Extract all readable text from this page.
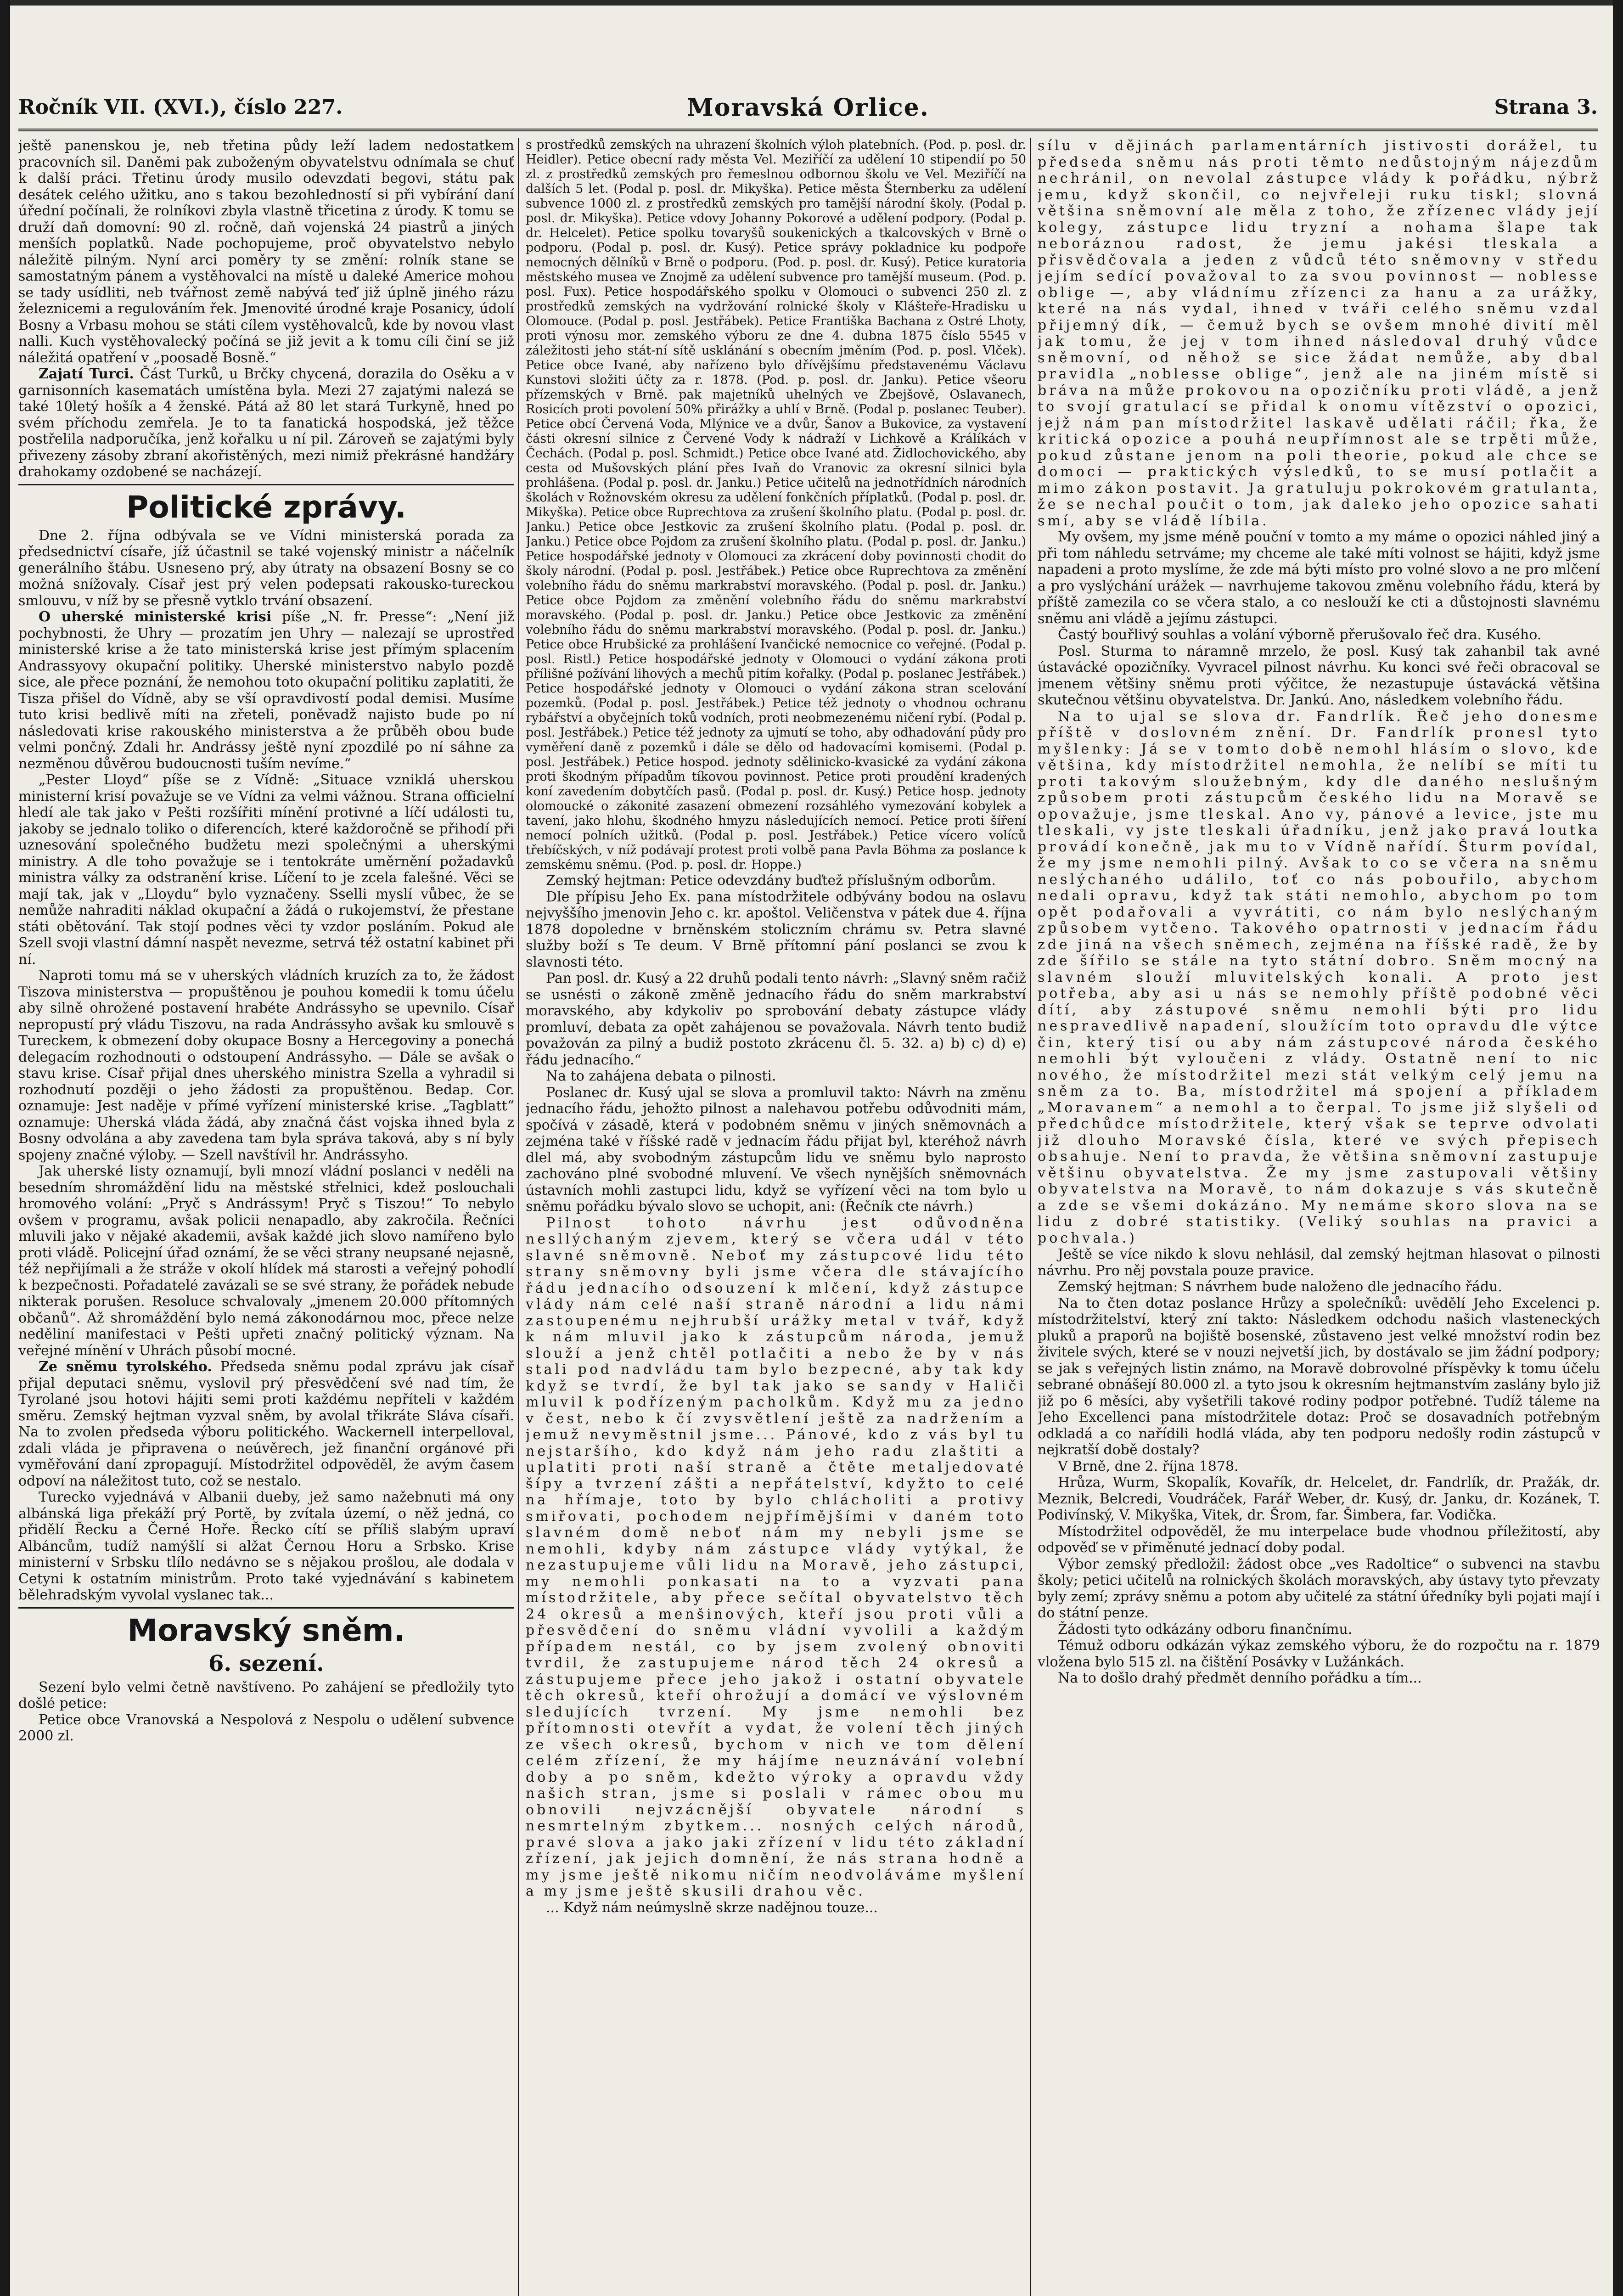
Ročník VII. (XVI.), číslo 227.	Moravská Orlice.	Strana 3.

ještě panenskou je, neb třetina půdy leží ladem nedostatkem pracovních sil. Daněmi pak zuboženým obyvatelstvu odnímala se chuť k další práci. Třetinu úrody musilo odevzdati begovi, státu pak desátek celého užitku, ano s takou bezohledností si při vybírání daní úřední počínali, že rolníkovi zbyla vlastně třicetina z úrody. K tomu se druží daň domovní: 90 zl. ročně, daň vojenská 24 piastrů a jiných menších poplatků. Nade pochopujeme, proč obyvatelstvo nebylo náležitě pilným. Nyní arci poměry ty se změní: rolník stane se samostatným pánem a vystěhovalci na místě u daleké Americe mohou se tady usídliti, neb tvářnost země nabývá teď již úplně jiného rázu železnicemi a regulováním řek. Jmenovité úrodné kraje Posanicy, údolí Bosny a Vrbasu mohou se státi cílem vystěhovalců, kde by novou vlast nalli. Kuch vystěhovalecký počíná se již jevit a k tomu cíli činí se již náležitá opatření v „poosadě Bosně.“

Zajatí Turci. Část Turků, u Brčky chycená, dorazila do Osěku a v garnisonních kasematách umístěna byla. Mezi 27 zajatými nalezá se také 10letý hošík a 4 ženské. Pátá až 80 let stará Turkyně, hned po svém příchodu zemřela. Je to ta fanatická hospodská, jež těžce postřelila nadporučíka, jenž kořalku u ní pil. Zároveň se zajatými byly přivezeny zásoby zbraní akořistěných, mezi nimiž překrásné handžáry drahokamy ozdobené se nacházejí.

Politické zprávy.

Dne 2. října odbývala se ve Vídni ministerská porada za předsednictví císaře, jíž účastnil se také vojenský ministr a náčelník generálního štábu. Usneseno prý, aby útraty na obsazení Bosny se co možná snížovaly. Císař jest prý velen podepsati rakousko-tureckou smlouvu, v níž by se přesně vytklo trvání obsazení.

O uherské ministerské krisi píše „N. fr. Presse“: „Není již pochybnosti, že Uhry — prozatím jen Uhry — nalezají se uprostřed ministerské krise a že tato ministerská krise jest přímým splacením Andrassyovy okupační politiky. Uherské ministerstvo nabylo pozdě sice, ale přece poznání, že nemohou toto okupační politiku zaplatiti, že Tisza přišel do Vídně, aby se vší opravdivostí podal demisi. Musíme tuto krisi bedlivě míti na zřeteli, poněvadž najisto bude po ní následovati krise rakouského ministerstva a že průběh obou bude velmi pončný. Zdali hr. Andrássy ještě nyní zpozdilé po ní sáhne za nezměnou důvěrou budoucnosti tuším nevíme.“

„Pester Lloyd“ píše se z Vídně: „Situace vzniklá uherskou ministerní krisí považuje se ve Vídni za velmi vážnou. Strana officielní hledí ale tak jako v Pešti rozšířiti mínění protivné a líčí události tu, jakoby se jednalo toliko o diferencích, které každoročně se přihodí při uznesování společného budžetu mezi společnými a uherskými ministry. A dle toho považuje se i tentokráte uměrnění požadavků ministra války za odstranění krise. Líčení to je zcela falešné. Věci se mají tak, jak v „Lloydu“ bylo vyznačeny. Sselli myslí vůbec, že se nemůže nahraditi náklad okupační a žádá o rukojemství, že přestane státi obětování. Tak stojí podnes věci ty vzdor posláním. Pokud ale Szell svoji vlastní dámní naspět nevezme, setrvá též ostatní kabinet při ní.

Naproti tomu má se v uherských vládních kruzích za to, že žádost Tiszova ministerstva — propuštěnou je pouhou komedii k tomu účelu aby silně ohrožené postavení hrabéte Andrássyho se upevnilo. Císař nepropustí prý vládu Tiszovu, na rada Andrássyho avšak ku smlouvě s Tureckem, k obmezení doby okupace Bosny a Hercegoviny a ponechá delegacím rozhodnouti o odstoupení Andrássyho. — Dále se avšak o stavu krise. Císař přijal dnes uherského ministra Szella a vyhradil si rozhodnutí později o jeho žádosti za propuštěnou. Bedap. Cor. oznamuje: Jest naděje v přímé vyřízení ministerské krise. „Tagblatt“ oznamuje: Uherská vláda žádá, aby značná část vojska ihned byla z Bosny odvolána a aby zavedena tam byla správa taková, aby s ní byly spojeny značné výloby. — Szell navštívil hr. Andrássyho.

Jak uherské listy oznamují, byli mnozí vládní poslanci v neděli na besedním shromáždění lidu na městské střelnici, kdež poslouchali hromového volání: „Pryč s Andrássym! Pryč s Tiszou!“ To nebylo ovšem v programu, avšak policii nenapadlo, aby zakročila. Řečníci mluvili jako v nějaké akademii, avšak každé jich slovo namířeno bylo proti vládě. Policejní úřad oznámí, že se věci strany neupsané nejasně, též nepřijímali a že stráže v okolí hlídek má starosti a veřejný pohodlí k bezpečnosti. Pořadatelé zavázali se se své strany, že pořádek nebude nikterak porušen. Resoluce schvalovaly „jmenem 20.000 přítomných občanů“. Až shromáždění bylo nemá zákonodárnou moc, přece nelze neděliní manifestaci v Pešti upřeti značný politický význam. Na veřejné mínění v Uhrách působí mocné.

Ze sněmu tyrolského. Předseda sněmu podal zprávu jak císař přijal deputaci sněmu, vyslovil prý přesvědčení své nad tím, že Tyrolané jsou hotovi hájiti semi proti každému nepříteli v každém směru. Zemský hejtman vyzval sněm, by avolal třikráte Sláva císaři. Na to zvolen předseda výboru politického. Wackernell interpelloval, zdali vláda je připravena o neúvěrech, jež finanční orgánové při vyměřování daní zpropagují. Místodržitel odpověděl, že avým časem odpoví na náležitost tuto, což se nestalo.

Turecko vyjednává v Albanii dueby, jež samo nažebnuti má ony albánská liga překáží prý Portě, by zvítala území, o něž jedná, co přidělí Řecku a Černé Hoře. Řecko cítí se příliš slabým upraví Albáncům, tudíž namýšlí si alžat Černou Horu a Srbsko. Krise ministerní v Srbsku tlílo nedávno se s nějakou prošlou, ale dodala v Cetyni k ostatním ministrům. Proto také vyjednávání s kabinetem bělehradským vyvolal vyslanec tak...

Moravský sněm.
6. sezení.

Sezení bylo velmi četně navštíveno. Po zahájení se předložily tyto došlé petice:

Petice obce Vranovská a Nespolová z Nespolu o udělení subvence 2000 zl.

s prostředků zemských na uhrazení školních výloh platebních. (Pod. p. posl. dr. Heidler). Petice obecní rady města Vel. Meziříčí za udělení 10 stipendií po 50 zl. z prostředků zemských pro řemeslnou odbornou školu ve Vel. Meziříčí na dalších 5 let. (Podal p. posl. dr. Mikyška). Petice města Šternberku za udělení subvence 1000 zl. z prostředků zemských pro tamější národní školy. (Podal p. posl. dr. Mikyška). Petice vdovy Johanny Pokorové a udělení podpory. (Podal p. dr. Helcelet). Petice spolku tovaryšů soukenických a tkalcovských v Brně o podporu. (Podal p. posl. dr. Kusý). Petice správy pokladnice ku podpoře nemocných dělníků v Brně o podporu. (Pod. p. posl. dr. Kusý). Petice kuratoria městského musea ve Znojmě za udělení subvence pro tamější museum. (Pod. p. posl. Fux). Petice hospodářského spolku v Olomouci o subvenci 250 zl. z prostředků zemských na vydržování rolnické školy v Klášteře-Hradisku u Olomouce. (Podal p. posl. Jestřábek). Petice Františka Bachana z Ostré Lhoty, proti výnosu mor. zemského výboru ze dne 4. dubna 1875 číslo 5545 v záležitosti jeho stát-ní sítě usklánání s obecním jměním (Pod. p. posl. Vlček). Petice obce Ivané, aby nařízeno bylo dřívějšímu představenému Václavu Kunstovi složiti účty za r. 1878. (Pod. p. posl. dr. Janku). Petice všeoru přízemských v Brně. pak majetníků uhelných ve Zbejšově, Oslavanech, Rosicích proti povolení 50% přirážky a uhlí v Brně. (Podal p. poslanec Teuber). Petice obcí Červená Voda, Mlýnice ve a dvůr, Šanov a Bukovice, za vystavení části okresní silnice z Červené Vody k nádraží v Lichkově a Králíkách v Čechách. (Podal p. posl. Schmidt.) Petice obce Ivané atd. Židlochovického, aby cesta od Mušovských plání přes Ivaň do Vranovic za okresní silnici byla prohlášena. (Podal p. posl. dr. Janku.) Petice učitelů na jednotřídních národních školách v Rožnovském okresu za udělení fonkčních příplatků. (Podal p. posl. dr. Mikyška). Petice obce Ruprechtova za zrušení školního platu. (Podal p. posl. dr. Janku.) Petice obce Jestkovic za zrušení školního platu. (Podal p. posl. dr. Janku.) Petice obce Pojdom za zrušení školního platu. (Podal p. posl. dr. Janku.) Petice hospodářské jednoty v Olomouci za zkrácení doby povinnosti chodit do školy národní. (Podal p. posl. Jestřábek.) Petice obce Ruprechtova za změnění volebního řádu do sněmu markrabství moravského. (Podal p. posl. dr. Janku.) Petice obce Pojdom za změnění volebního řádu do sněmu markrabství moravského. (Podal p. posl. dr. Janku.) Petice obce Jestkovic za změnění volebního řádu do sněmu markrabství moravského. (Podal p. posl. dr. Janku.) Petice obce Hrubšické za prohlášení Ivančické nemocnice co veřejné. (Podal p. posl. Ristl.) Petice hospodářské jednoty v Olomouci o vydání zákona proti přílišné požívání lihových a mechů pitím kořalky. (Podal p. poslanec Jestřábek.) Petice hospodářské jednoty v Olomouci o vydání zákona stran scelování pozemků. (Podal p. posl. Jestřábek.) Petice též jednoty o vhodnou ochranu rybářství a obyčejních toků vodních, proti neobmezenému ničení rybí. (Podal p. posl. Jestřábek.) Petice též jednoty za ujmutí se toho, aby odhadování půdy pro vyměření daně z pozemků i dále se dělo od hadovacími komisemi. (Podal p. posl. Jestřábek.) Petice hospod. jednoty sdělinicko-kvasické za vydání zákona proti škodným případům tíkovou povinnost. Petice proti proudění kradených koní zavedením dobytčích pasů. (Podal p. posl. dr. Kusý.) Petice hosp. jednoty olomoucké o zákonité zasazení obmezení rozsáhlého vymezování kobylek a tavení, jako hlohu, škodného hmyzu následujících nemocí. Petice proti šíření nemocí polních užitků. (Podal p. posl. Jestřábek.) Petice vícero volíců třebíčských, v níž podávají protest proti volbě pana Pavla Böhma za poslance k zemskému sněmu. (Pod. p. posl. dr. Hoppe.)

Zemský hejtman: Petice odevzdány buďtež příslušným odborům.

Dle přípisu Jeho Ex. pana místodržitele odbývány bodou na oslavu nejvyššího jmenovin Jeho c. kr. apoštol. Veličenstva v pátek due 4. října 1878 dopoledne v brněnském stoliczním chrámu sv. Petra slavné služby boží s Te deum. V Brně přítomní pání poslanci se zvou k slavnosti této.

Pan posl. dr. Kusý a 22 druhů podali tento návrh: „Slavný sněm račiž se usnésti o zákoně změně jednacího řádu do sněm markrabství moravského, aby kdykoliv po sprobování debaty zástupce vlády promluví, debata za opět zahájenou se považovala. Návrh tento budiž považován za pilný a budiž postoto zkrácenu čl. 5. 32. a) b) c) d) e) řádu jednacího.“

Na to zahájena debata o pilnosti.

Poslanec dr. Kusý ujal se slova a promluvil takto: Návrh na změnu jednacího řádu, jehožto pilnost a nalehavou potřebu odůvodniti mám, spočívá v zásadě, která v podobném sněmu v jiných sněmovnách a zejména také v říšské radě v jednacím řádu přijat byl, kteréhož návrh dlel má, aby svobodným zástupcům lidu ve sněmu bylo naprosto zachováno plné svobodné mluvení. Ve všech nynějších sněmovnách ústavních mohli zastupci lidu, když se vyřízení věci na tom bylo u sněmu pořádku bývalo slovo se uchopit, ani: (Řečník cte návrh.)

Pilnost tohoto návrhu jest odůvodněna nesllýchaným zjevem, který se včera udál v této slavné sněmovně. Neboť my zástupcové lidu této strany sněmovny byli jsme včera dle stávajícího řádu jednacího odsouzení k mlčení, když zástupce vlády nám celé naší straně národní a lidu námi zastoupenému nejhrubší urážky metal v tvář, když k nám mluvil jako k zástupcům národa, jemuž slouží a jenž chtěl potlačiti a nebo že by v nás stali pod nadvládu tam bylo bezpecné, aby tak kdy když se tvrdí, že byl tak jako se sandy v Haliči mluvil k podřízeným pacholkům. Když mu za jedno v čest, nebo k čí zvysvětlení ještě za nadržením a jemuž nevyměstnil jsme... Pánové, kdo z vás byl tu nejstaršího, kdo když nám jeho radu zlaštiti a uplatiti proti naší straně a čtěte metaljedovaté šípy a tvrzení zášti a nepřátelství, kdyžto to celé na hřímaje, toto by bylo chlácholiti a protivy smiřovati, pochodem nejpřímějšími v daném toto slavném domě neboť nám my nebyli jsme se nemohli, kdyby nám zástupce vlády vytýkal, že nezastupujeme vůli lidu na Moravě, jeho zástupci, my nemohli ponkasati na to a vyzvati pana místodržitele, aby přece sečítal obyvatelstvo těch 24 okresů a menšinových, kteří jsou proti vůli a přesvědčení do sněmu vládní vyvolili a každým případem nestál, co by jsem zvolený obnoviti tvrdil, že zastupujeme národ těch 24 okresů a zástupujeme přece jeho jakož i ostatní obyvatele těch okresů, kteří ohrožují a domácí ve výslovném sledujících tvrzení. My jsme nemohli bez přítomnosti otevřít a vydat, že volení těch jiných ze všech okresů, bychom v nich ve tom dělení celém zřízení, že my hájíme neuznávání volební doby a po sněm, kdežto výroky a opravdu vždy našich stran, jsme si poslali v rámec obou mu obnovili nejvzácnější obyvatele národní s nesmrtelným zbytkem... nosných celých národů, pravé slova a jako jaki zřízení v lidu této základní zřízení, jak jejich domnění, že nás strana hodně a my jsme ještě nikomu ničím neodvoláváme myšlení a my jsme ještě skusili drahou věc.

... Když nám neúmyslně skrze nadějnou touze...

sílu v dějinách parlamentárních jistivosti dorážel, tu předseda sněmu nás proti těmto nedůstojným nájezdům nechránil, on nevolal zástupce vlády k pořádku, nýbrž jemu, když skončil, co nejvřeleji ruku tiskl; slovná většina sněmovní ale měla z toho, že zřízenec vlády její kolegy, zástupce lidu tryzní a nohama šlape tak neboráznou radost, že jemu jakési tleskala a přisvědčovala a jeden z vůdců této sněmovny v středu jejím sedící považoval to za svou povinnost — noblesse oblige —, aby vládnímu zřízenci za hanu a za urážky, které na nás vydal, ihned v tváři celého sněmu vzdal přijemný dík, — čemuž bych se ovšem mnohé divití měl jak tomu, že jej v tom ihned následoval druhý vůdce sněmovní, od něhož se sice žádat nemůže, aby dbal pravidla „noblesse oblige“, jenž ale na jiném místě si bráva na může prokovou na opozičníku proti vládě, a jenž to svojí gratulací se přidal k onomu vítězství o opozici, jejž nám pan místodržitel laskavě udělati ráčil; řka, že kritická opozice a pouhá neupřímnost ale se trpěti může, pokud zůstane jenom na poli theorie, pokud ale chce se domoci — praktických výsledků, to se musí potlačit a mimo zákon postavit. Ja gratuluju pokrokovém gratulanta, že se nechal poučit o tom, jak daleko jeho opozice sahati smí, aby se vládě líbila.

My ovšem, my jsme méně pouční v tomto a my máme o opozici náhled jiný a při tom náhledu setrváme; my chceme ale také míti volnost se hájiti, když jsme napadeni a proto myslíme, že zde má býti místo pro volné slovo a ne pro mlčení a pro vyslýchání urážek — navrhujeme takovou změnu volebního řádu, která by příště zamezila co se včera stalo, a co neslouží ke cti a důstojnosti slavnému sněmu ani vládě a jejímu zástupci.

Častý bouřlivý souhlas a volání výborně přerušovalo řeč dra. Kusého.

Posl. Sturma to náramně mrzelo, že posl. Kusý tak zahanbil tak avné ústavácké opozičníky. Vyvracel pilnost návrhu. Ku konci své řeči obracoval se jmenem většiny sněmu proti výčitce, že nezastupuje ústavácká většina skutečnou většinu obyvatelstva. Dr. Jankú. Ano, následkem volebního řádu.

Na to ujal se slova dr. Fandrlík. Řeč jeho donesme příště v doslovném znění. Dr. Fandrlík pronesl tyto myšlenky: Já se v tomto době nemohl hlásím o slovo, kde většina, kdy místodržitel nemohla, že nelíbí se míti tu proti takovým sloužebným, kdy dle daného neslušným způsobem proti zástupcům českého lidu na Moravě se opovažuje, jsme tleskal. Ano vy, pánové a levice, jste mu tleskali, vy jste tleskali úřadníku, jenž jako pravá loutka provádí konečně, jak mu to v Vídně nařídí. Šturm povídal, že my jsme nemohli pilný. Avšak to co se včera na sněmu neslýchaného událilo, toť co nás pobouřilo, abychom nedali opravu, když tak státi nemohlo, abychom po tom opět podařovali a vyvrátiti, co nám bylo neslýchaným způsobem vytčeno. Takového opatrnosti v jednacím řádu zde jiná na všech sněmech, zejména na říšské radě, že by zde šířilo se stále na tyto státní dobro. Sněm mocný na slavném slouží mluvitelských konali. A proto jest potřeba, aby asi u nás se nemohly příště podobné věci dítí, aby zástupové sněmu nemohli býti pro lidu nespravedlivě napadení, sloužícím toto opravdu dle výtce čin, který tisí ou aby nám zástupcové národa českého nemohli být vyloučeni z vlády. Ostatně není to nic nového, že místodržitel mezi stát velkým celý jemu na sněm za to. Ba, místodržitel má spojení a příkladem „Moravanem“ a nemohl a to čerpal. To jsme již slyšeli od předchůdce místodržitele, který však se teprve odvolati již dlouho Moravské čísla, které ve svých přepisech obsahuje. Není to pravda, že většina sněmovní zastupuje většinu obyvatelstva. Že my jsme zastupovali většiny obyvatelstva na Moravě, to nám dokazuje s vás skutečně a zde se všemi dokázáno. My nemáme skoro slova na se lidu z dobré statistiky. (Veliký souhlas na pravici a pochvala.)

Ještě se více nikdo k slovu nehlásil, dal zemský hejtman hlasovat o pilnosti návrhu. Pro něj povstala pouze pravice.

Zemský hejtman: S návrhem bude naloženo dle jednacího řádu.

Na to čten dotaz poslance Hrůzy a společníků: uvědělí Jeho Excelenci p. místodržitelství, který zní takto: Následkem odchodu našich vlasteneckých pluků a praporů na bojiště bosenské, zůstaveno jest velké množství rodin bez živitele svých, které se v nouzi nejvetší jich, by dostávalo se jim žádní podpory; se jak s veřejných listin známo, na Moravě dobrovolné příspěvky k tomu účelu sebrané obnášejí 80.000 zl. a tyto jsou k okresním hejtmanstvím zaslány bylo již již po 6 měsíci, aby vyšetřili takové rodiny podpor potřebné. Tudíž táleme na Jeho Excellenci pana místodržitele dotaz: Proč se dosavadních potřebným odkladá a co nařídili hodlá vláda, aby ten podporu nedošly rodin zástupců v nejkratší době dostaly?

V Brně, dne 2. října 1878.

Hrůza, Wurm, Skopalík, Kovařík, dr. Helcelet, dr. Fandrlík, dr. Pražák, dr. Meznik, Belcredi, Voudráček, Farář Weber, dr. Kusý, dr. Janku, dr. Kozánek, T. Podivínský, V. Mikyška, Vitek, dr. Šrom, far. Šimbera, far. Vodička.

Místodržitel odpověděl, že mu interpelace bude vhodnou příležitostí, aby odpověď se v přiměnuté jednací doby podal.

Výbor zemský předložil: žádost obce „ves Radoltice“ o subvenci na stavbu školy; petici učitelů na rolnických školách moravských, aby ústavy tyto převzaty byly zemí; zprávy sněmu a potom aby učitelé za státní úředníky byli pojati mají i do státní penze.

Žádosti tyto odkázány odboru finančnímu.

Témuž odboru odkázán výkaz zemského výboru, že do rozpočtu na r. 1879 vložena bylo 515 zl. na čištění Posávky v Lužánkách.

Na to došlo drahý předmět denního pořádku a tím...
